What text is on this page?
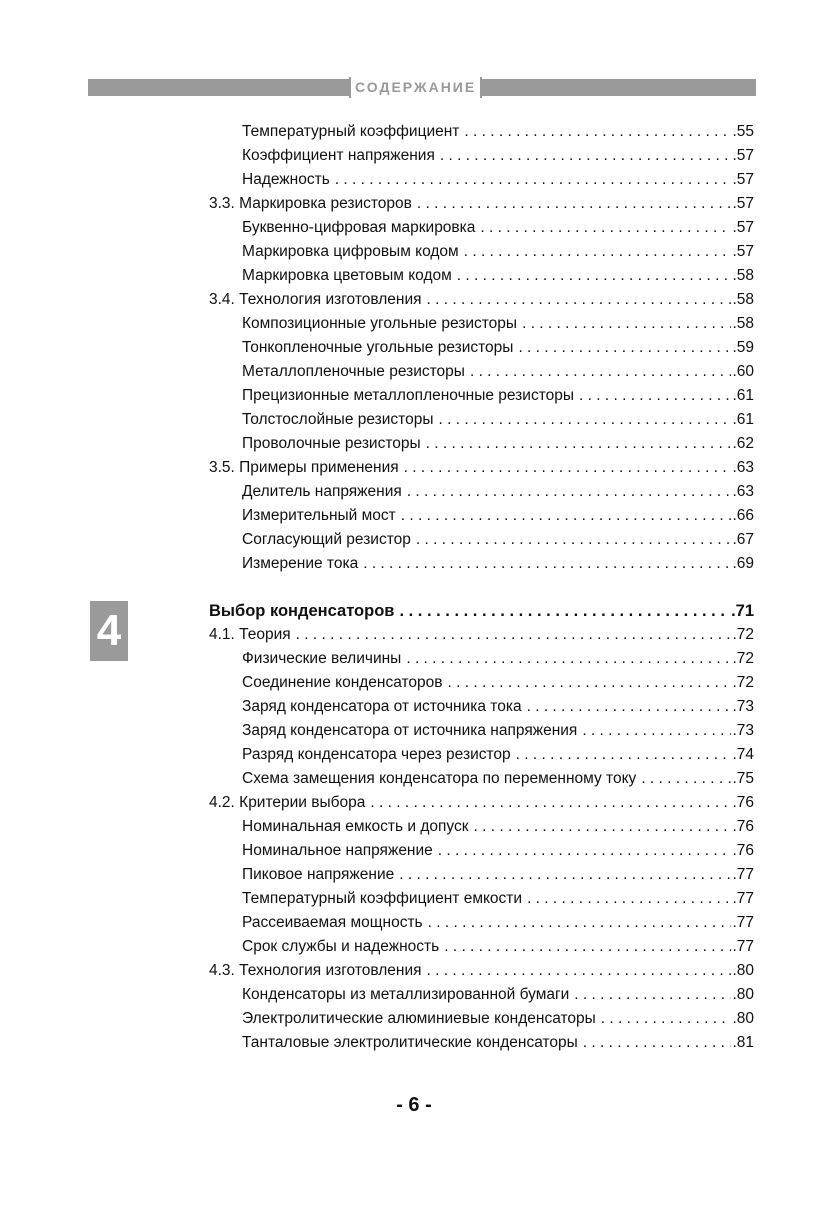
СОДЕРЖАНИЕ
4
Температурный коэффициент . . .	.55
Коэффициент напряжения . . .	.57
Надежность . . .	.57
3.3. Маркировка резисторов . . .	.57
Буквенно-цифровая маркировка . . .	.57
Маркировка цифровым кодом . . .	.57
Маркировка цветовым кодом . . .	.58
3.4. Технология изготовления . . .	.58
Композиционные угольные резисторы . . .	.58
Тонкопленочные угольные резисторы . . .	.59
Металлопленочные резисторы . . .	.60
Прецизионные металлопленочные резисторы . . .	.61
Толстослойные резисторы . . .	.61
Проволочные резисторы . . .	.62
3.5. Примеры применения . . .	.63
Делитель напряжения . . .	.63
Измерительный мост . . .	.66
Согласующий резистор . . .	.67
Измерение тока . . .	.69
Выбор конденсаторов . . .	.71
4.1. Теория . . .	.72
Физические величины . . .	.72
Соединение конденсаторов . . .	.72
Заряд конденсатора от источника тока . . .	.73
Заряд конденсатора от источника напряжения . . .	.73
Разряд конденсатора через резистор . . .	.74
Схема замещения конденсатора по переменному току . . .	.75
4.2. Критерии выбора . . .	.76
Номинальная емкость и допуск . . .	.76
Номинальное напряжение . . .	.76
Пиковое напряжение . . .	.77
Температурный коэффициент емкости . . .	.77
Рассеиваемая мощность . . .	.77
Срок службы и надежность . . .	.77
4.3. Технология изготовления . . .	.80
Конденсаторы из металлизированной бумаги . . .	.80
Электролитические алюминиевые конденсаторы . . .	.80
Танталовые электролитические конденсаторы . . .	.81
- 6 -
